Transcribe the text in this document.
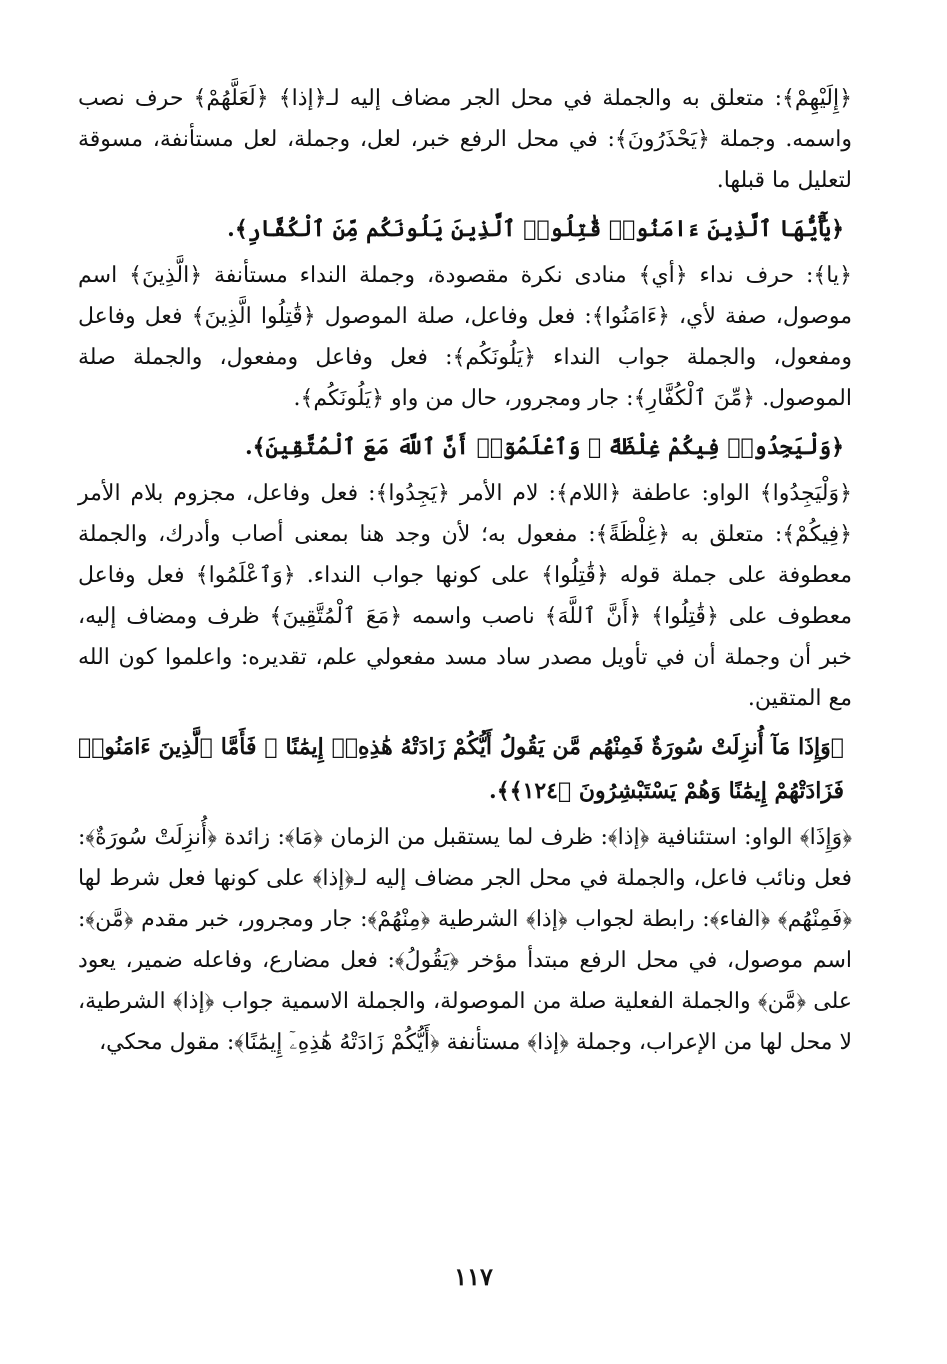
﴿إِلَيْهِمْ﴾: متعلق به والجملة في محل الجر مضاف إليه لـ﴿إذا﴾ ﴿لَعَلَّهُمْ﴾ حرف نصب واسمه. وجملة ﴿يَحْذَرُونَ﴾: في محل الرفع خبر، لعل، وجملة، لعل مستأنفة، مسوقة لتعليل ما قبلها.

﴿يَٰٓأَيُّهَا ٱلَّذِينَ ءَامَنُوا۟ قَٰتِلُوا۟ ٱلَّذِينَ يَلُونَكُم مِّنَ ٱلْكُفَّارِ﴾.

﴿يا﴾: حرف نداء ﴿أي﴾ منادى نكرة مقصودة، وجملة النداء مستأنفة ﴿الَّذِينَ﴾ اسم موصول، صفة لأي، ﴿ءَامَنُوا﴾: فعل وفاعل، صلة الموصول ﴿قَٰتِلُوا الَّذِينَ﴾ فعل وفاعل ومفعول، والجملة جواب النداء ﴿يَلُونَكُم﴾: فعل وفاعل ومفعول، والجملة صلة الموصول. ﴿مِّنَ ٱلْكُفَّارِ﴾: جار ومجرور، حال من واو ﴿يَلُونَكُم﴾.

﴿وَلْيَجِدُوا۟ فِيكُمْ غِلْظَةً ۚ وَٱعْلَمُوٓا۟ أَنَّ ٱللَّهَ مَعَ ٱلْمُتَّقِينَ﴾.

﴿وَلْيَجِدُوا﴾ الواو: عاطفة ﴿اللام﴾: لام الأمر ﴿يَجِدُوا﴾: فعل وفاعل، مجزوم بلام الأمر ﴿فِيكُمْ﴾: متعلق به ﴿غِلْظَةً﴾: مفعول به؛ لأن وجد هنا بمعنى أصاب وأدرك، والجملة معطوفة على جملة قوله ﴿قَٰتِلُوا﴾ على كونها جواب النداء. ﴿وَٱعْلَمُوا﴾ فعل وفاعل معطوف على ﴿قَٰتِلُوا﴾ ﴿أَنَّ ٱللَّهَ﴾ ناصب واسمه ﴿مَعَ ٱلْمُتَّقِينَ﴾ ظرف ومضاف إليه، خبر أن وجملة أن في تأويل مصدر ساد مسد مفعولي علم، تقديره: واعلموا كون الله مع المتقين.

﴿وَإِذَا مَآ أُنزِلَتْ سُورَةٌ فَمِنْهُم مَّن يَقُولُ أَيُّكُمْ زَادَتْهُ هَٰذِهِۦٓ إِيمَٰنًا ۚ فَأَمَّا ٱلَّذِينَ ءَامَنُوا۟ فَزَادَتْهُمْ إِيمَٰنًا وَهُمْ يَسْتَبْشِرُونَ ﴿١٢٤﴾﴾.

﴿وَإِذَا﴾ الواو: استئنافية ﴿إذا﴾: ظرف لما يستقبل من الزمان ﴿مَا﴾: زائدة ﴿أُنزِلَتْ سُورَةٌ﴾: فعل ونائب فاعل، والجملة في محل الجر مضاف إليه لـ﴿إذا﴾ على كونها فعل شرط لها ﴿فَمِنْهُم﴾ ﴿الفاء﴾: رابطة لجواب ﴿إذا﴾ الشرطية ﴿مِنْهُمْ﴾: جار ومجرور، خبر مقدم ﴿مَّن﴾: اسم موصول، في محل الرفع مبتدأ مؤخر ﴿يَقُولُ﴾: فعل مضارع، وفاعله ضمير، يعود على ﴿مَّن﴾ والجملة الفعلية صلة من الموصولة، والجملة الاسمية جواب ﴿إذا﴾ الشرطية، لا محل لها من الإعراب، وجملة ﴿إذا﴾ مستأنفة ﴿أَيُّكُمْ زَادَتْهُ هَٰذِهِۦٓ إِيمَٰنًا﴾: مقول محكي،

١١٧
